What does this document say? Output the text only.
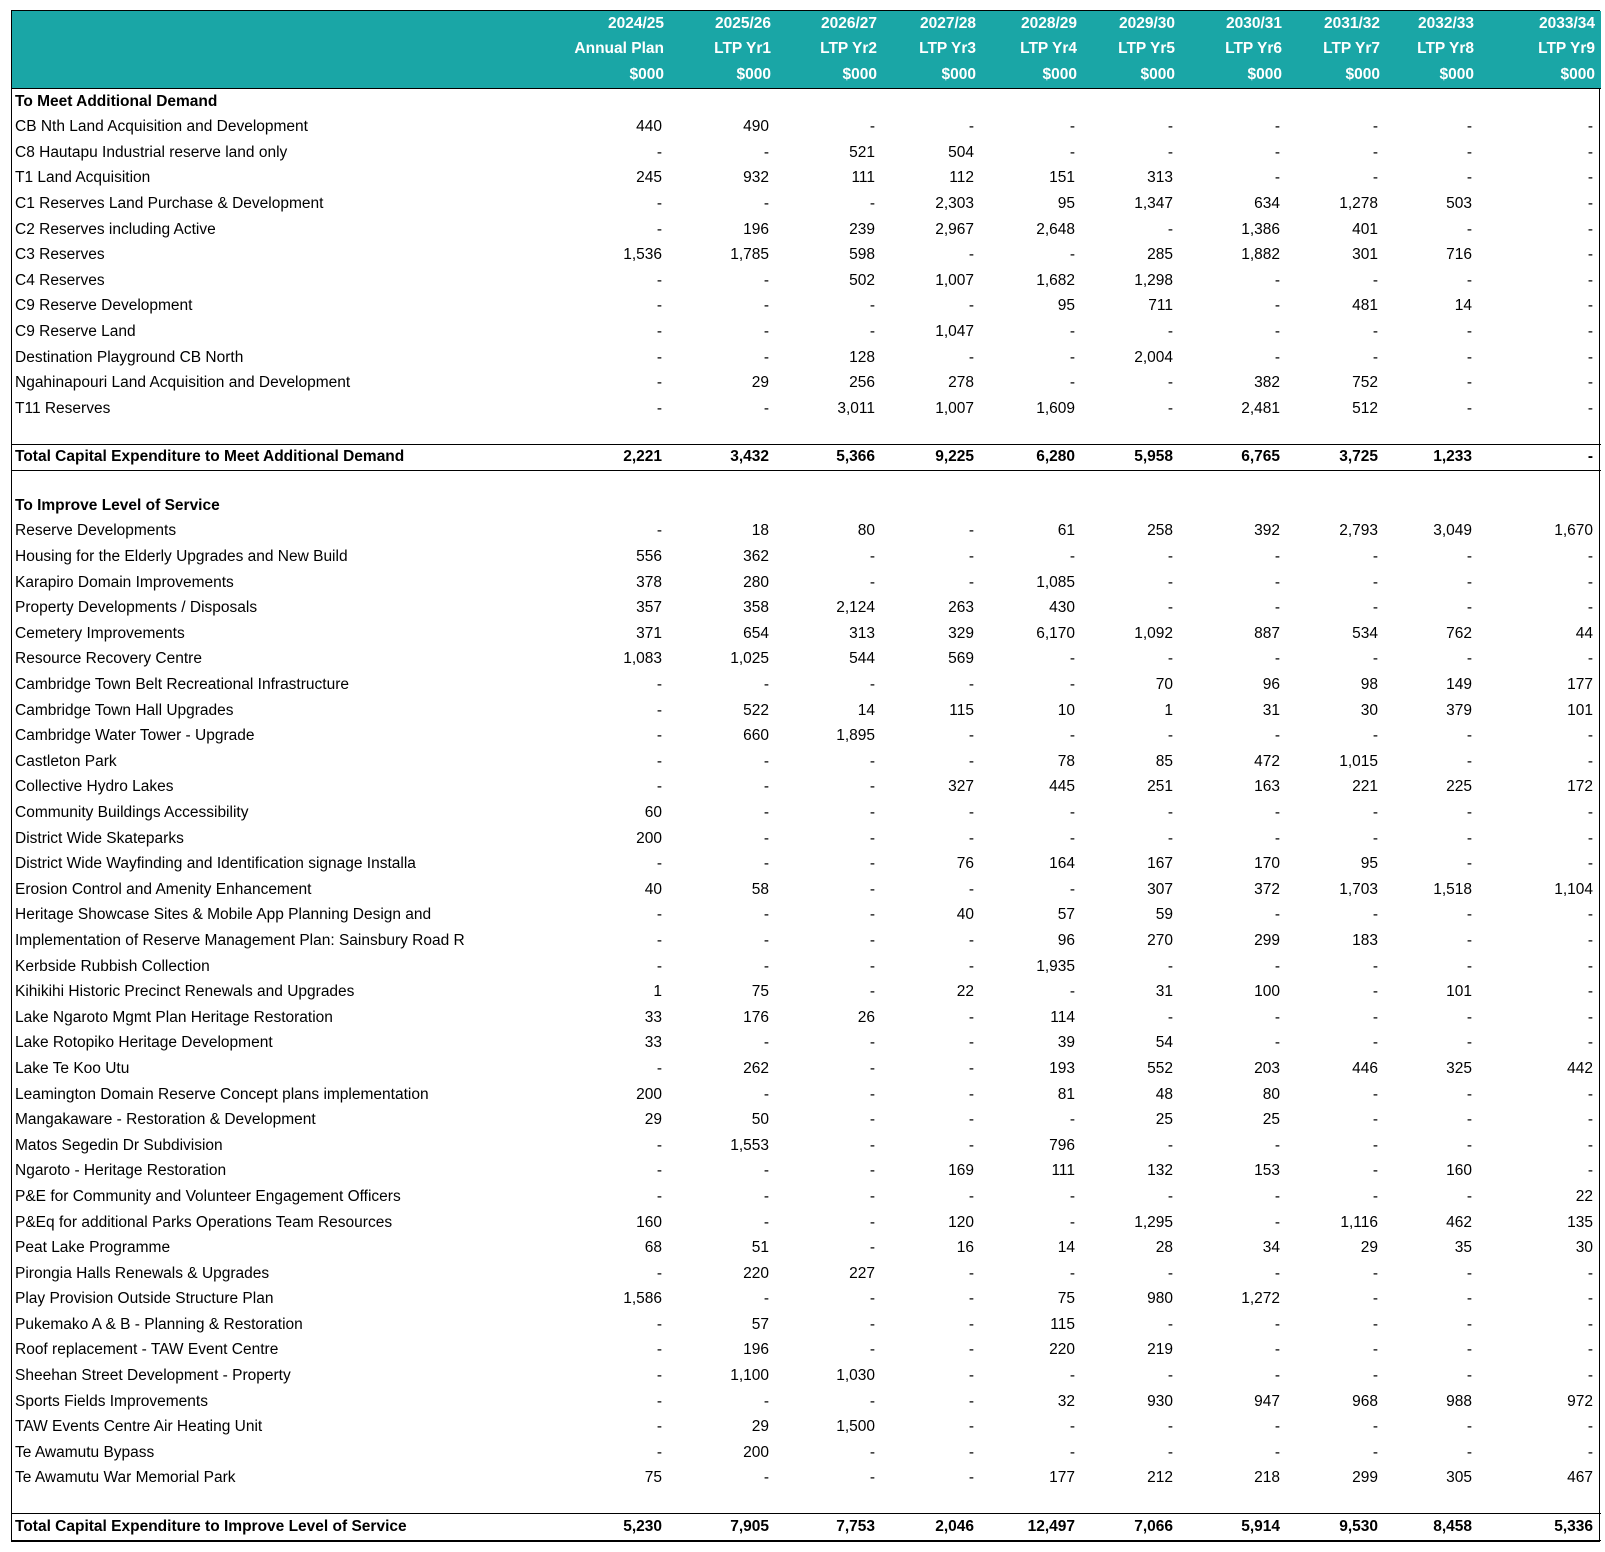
	2024/25	2025/26	2026/27	2027/28	2028/29	2029/30	2030/31	2031/32	2032/33	2033/34
	Annual Plan	LTP Yr1	LTP Yr2	LTP Yr3	LTP Yr4	LTP Yr5	LTP Yr6	LTP Yr7	LTP Yr8	LTP Yr9
	$000	$000	$000	$000	$000	$000	$000	$000	$000	$000
To Meet Additional Demand										
CB Nth Land Acquisition and Development	440	490	-	-	-	-	-	-	-	-
C8 Hautapu Industrial reserve land only	-	-	521	504	-	-	-	-	-	-
T1 Land Acquisition	245	932	111	112	151	313	-	-	-	-
C1 Reserves Land Purchase & Development	-	-	-	2,303	95	1,347	634	1,278	503	-
C2 Reserves including Active	-	196	239	2,967	2,648	-	1,386	401	-	-
C3 Reserves	1,536	1,785	598	-	-	285	1,882	301	716	-
C4 Reserves	-	-	502	1,007	1,682	1,298	-	-	-	-
C9 Reserve Development	-	-	-	-	95	711	-	481	14	-
C9 Reserve Land	-	-	-	1,047	-	-	-	-	-	-
Destination Playground CB North	-	-	128	-	-	2,004	-	-	-	-
Ngahinapouri Land Acquisition and Development	-	29	256	278	-	-	382	752	-	-
T11 Reserves	-	-	3,011	1,007	1,609	-	2,481	512	-	-

Total Capital Expenditure to Meet Additional Demand	2,221	3,432	5,366	9,225	6,280	5,958	6,765	3,725	1,233	-

To Improve Level of Service										
Reserve Developments	-	18	80	-	61	258	392	2,793	3,049	1,670
Housing for the Elderly Upgrades and New Build	556	362	-	-	-	-	-	-	-	-
Karapiro Domain Improvements	378	280	-	-	1,085	-	-	-	-	-
Property Developments / Disposals	357	358	2,124	263	430	-	-	-	-	-
Cemetery Improvements	371	654	313	329	6,170	1,092	887	534	762	44
Resource Recovery Centre	1,083	1,025	544	569	-	-	-	-	-	-
Cambridge Town Belt Recreational Infrastructure	-	-	-	-	-	70	96	98	149	177
Cambridge Town Hall Upgrades	-	522	14	115	10	1	31	30	379	101
Cambridge Water Tower - Upgrade	-	660	1,895	-	-	-	-	-	-	-
Castleton Park	-	-	-	-	78	85	472	1,015	-	-
Collective Hydro Lakes	-	-	-	327	445	251	163	221	225	172
Community Buildings Accessibility	60	-	-	-	-	-	-	-	-	-
District Wide Skateparks	200	-	-	-	-	-	-	-	-	-
District Wide Wayfinding and Identification signage Installa	-	-	-	76	164	167	170	95	-	-
Erosion Control and Amenity Enhancement	40	58	-	-	-	307	372	1,703	1,518	1,104
Heritage Showcase Sites & Mobile App Planning Design and	-	-	-	40	57	59	-	-	-	-
Implementation of Reserve Management Plan: Sainsbury Road R	-	-	-	-	96	270	299	183	-	-
Kerbside Rubbish Collection	-	-	-	-	1,935	-	-	-	-	-
Kihikihi Historic Precinct Renewals and Upgrades	1	75	-	22	-	31	100	-	101	-
Lake Ngaroto Mgmt Plan Heritage Restoration	33	176	26	-	114	-	-	-	-	-
Lake Rotopiko Heritage Development	33	-	-	-	39	54	-	-	-	-
Lake Te Koo Utu	-	262	-	-	193	552	203	446	325	442
Leamington Domain Reserve Concept plans implementation	200	-	-	-	81	48	80	-	-	-
Mangakaware - Restoration & Development	29	50	-	-	-	25	25	-	-	-
Matos Segedin Dr Subdivision	-	1,553	-	-	796	-	-	-	-	-
Ngaroto - Heritage Restoration	-	-	-	169	111	132	153	-	160	-
P&E for Community and Volunteer Engagement Officers	-	-	-	-	-	-	-	-	-	22
P&Eq for additional Parks Operations Team Resources	160	-	-	120	-	1,295	-	1,116	462	135
Peat Lake Programme	68	51	-	16	14	28	34	29	35	30
Pirongia Halls Renewals & Upgrades	-	220	227	-	-	-	-	-	-	-
Play Provision Outside Structure Plan	1,586	-	-	-	75	980	1,272	-	-	-
Pukemako A & B - Planning & Restoration	-	57	-	-	115	-	-	-	-	-
Roof replacement - TAW Event Centre	-	196	-	-	220	219	-	-	-	-
Sheehan Street Development - Property	-	1,100	1,030	-	-	-	-	-	-	-
Sports Fields Improvements	-	-	-	-	32	930	947	968	988	972
TAW Events Centre Air Heating Unit	-	29	1,500	-	-	-	-	-	-	-
Te Awamutu Bypass	-	200	-	-	-	-	-	-	-	-
Te Awamutu War Memorial Park	75	-	-	-	177	212	218	299	305	467

Total Capital Expenditure to Improve Level of Service	5,230	7,905	7,753	2,046	12,497	7,066	5,914	9,530	8,458	5,336
